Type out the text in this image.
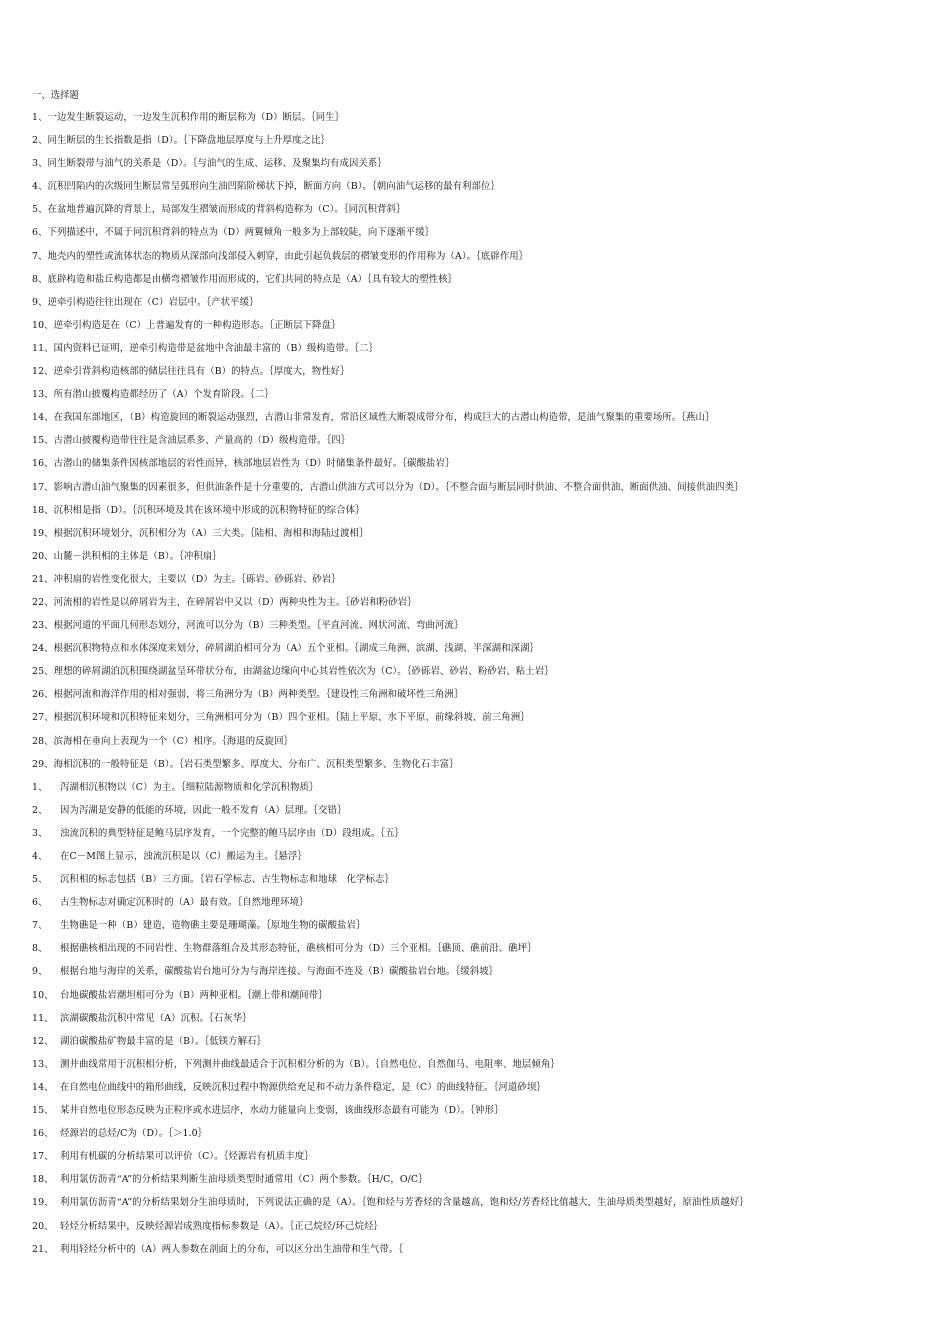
一、选择题
1、一边发生断裂运动，一边发生沉积作用的断层称为（D）断层。｛同生｝
2、同生断层的生长指数是指（D）。｛下降盘地层厚度与上升厚度之比｝
3、同生断裂带与油气的关系是（D）。｛与油气的生成、运移、及聚集均有成因关系｝
4、沉积凹陷内的次级同生断层常呈弧形向生油凹陷阶梯状下掉，断面方向（B）。｛朝向油气运移的最有利部位｝
5、在盆地普遍沉降的背景上，局部发生褶皱而形成的背斜构造称为（C）。｛同沉积背斜｝
6、下列描述中，不属于同沉积背斜的特点为（D）两翼倾角一般多为上部较陡，向下逐渐平缓｝
7、地壳内的塑性或流体状态的物质从深部向浅部侵入刺穿，由此引起负载层的褶皱变形的作用称为（A）。｛底辟作用｝
8、底辟构造和盐丘构造都是由横弯褶皱作用而形成的，它们共同的特点是（A）｛具有较大的塑性核｝
9、逆牵引构造往往出现在（C）岩层中。｛产状平缓｝
10、逆牵引构造是在（C）上普遍发育的一种构造形态。｛正断层下降盘｝
11、国内资料已证明，逆牵引构造带是盆地中含油最丰富的（B）级构造带。｛二｝
12、逆牵引背斜构造核部的储层往往具有（B）的特点。｛厚度大，物性好｝
13、所有潜山披覆构造都经历了（A）个发育阶段。｛二｝
14、在我国东部地区，（B）构造旋回的断裂运动强烈，古潜山非常发育，常沿区域性大断裂成带分布，构成巨大的古潜山构造带，是油气聚集的重要场所。｛燕山｝
15、古潜山披覆构造带往往是含油层系多、产量高的（D）级构造带。｛四｝
16、古潜山的储集条件因核部地层的岩性而异，核部地层岩性为（D）时储集条件最好。｛碳酸盐岩｝
17、影响古潜山油气聚集的因素很多，但供油条件是十分重要的，古潜山供油方式可以分为（D）。｛不整合面与断层同时供油、不整合面供油、断面供油、间接供油四类｝
18、沉积相是指（D）。｛沉积环境及其在该环境中形成的沉积物特征的综合体｝
19、根据沉积环境划分，沉积相分为（A）三大类。｛陆相、海相和海陆过渡相｝
20、山麓－洪积相的主体是（B）。｛冲积扇｝
21、冲积扇的岩性变化很大，主要以（D）为主。｛砾岩、砂砾岩、砂岩｝
22、河流相的岩性是以碎屑岩为主，在碎屑岩中又以（D）两种央性为主。｛砂岩和粉砂岩｝
23、根据河道的平面几何形态划分，河流可以分为（B）三种类型。｛平直河流、网状河流、弯曲河流｝
24、根据沉积物特点和水体深度来划分，碎屑湖泊相可分为（A）五个亚相。｛湖成三角洲、滨湖、浅湖、半深湖和深湖｝
25、理想的碎屑湖泊沉积围绕湖盆呈环带状分布，由湖盆边缘向中心其岩性依次为（C）。｛砂砾岩、砂岩、粉砂岩、粘土岩｝
26、根据河流和海洋作用的相对强弱，将三角洲分为（B）两种类型。｛建设性三角洲和破坏性三角洲｝
27、根据沉积环境和沉积特征来划分，三角洲相可分为（B）四个亚相。｛陆上平原、水下平原、前缘斜坡、前三角洲｝
28、滨海相在垂向上表现为一个（C）相序。｛海退的反旋回｝
29、海相沉积的一般特征是（B）。｛岩石类型繁多、厚度大、分布广、沉积类型繁多、生物化石丰富｝
1、 泻湖相沉积物以（C）为主。｛细粒陆源物质和化学沉积物质｝
2、 因为泻湖是安静的低能的环境，因此一般不发育（A）层理。｛交错｝
3、 浊流沉积的典型特征是鲍马层序发育，一个完整的鲍马层序由（D）段组成。｛五｝
4、 在C－M图上显示，浊流沉积是以（C）搬运为主。｛悬浮｝
5、 沉积相的标志包括（B）三方面。｛岩石学标志、古生物标志和地球　化学标志｝
6、 古生物标志对确定沉积时的（A）最有效。｛自然地理环境｝
7、 生物礁是一种（B）建造，造物礁主要是珊瑚藻。｛原地生物的碳酸盐岩｝
8、 根据礁核相出现的不同岩性、生物群落组合及其形态特征，礁核相可分为（D）三个亚相。｛礁顶、礁前沿、礁坪｝
9、 根据台地与海岸的关系，碳酸盐岩台地可分为与海岸连接、与海面不连及（B）碳酸盐岩台地。｛缓斜坡｝
10、 台地碳酸盐岩潮坦相可分为（B）两种亚相。｛潮上带和潮间带｝
11、 滨湖碳酸盐沉积中常见（A）沉积。｛石灰华｝
12、 湖泊碳酸盐矿物最丰富的是（B）。｛低镁方解石｝
13、 测井曲线常用于沉积相分析，下列测井曲线最适合于沉积相分析的为（B）。｛自然电位、自然伽马、电阻率、地层倾角｝
14、 在自然电位曲线中的箱形曲线，反映沉积过程中物源供给充足和不动力条件稳定，是（C）的曲线特征。｛河道砂坝｝
15、 某井自然电位形态反映为正粒序或水进层序，水动力能量向上变弱，该曲线形态最有可能为（D）。｛钟形｝
16、 烃源岩的总烃/C为（D）。｛＞1.0｝
17、 利用有机碳的分析结果可以评价（C）。｛烃源岩有机质丰度｝
18、 利用氯仿沥青“A”的分析结果判断生油母质类型时通常用（C）两个参数。｛H/C，O/C｝
19、 利用氯仿沥青“A”的分析结果划分生油母质时，下列说法正确的是（A）。｛饱和烃与芳香烃的含量越高，饱和烃/芳香烃比值越大，生油母质类型越好，原油性质越好｝
20、 轻烃分析结果中，反映烃源岩成熟度指标参数是（A）。｛正己烷烃/环己烷烃｝
21、 利用轻烃分析中的（A）两人参数在剖面上的分布，可以区分出生油带和生气带。｛
